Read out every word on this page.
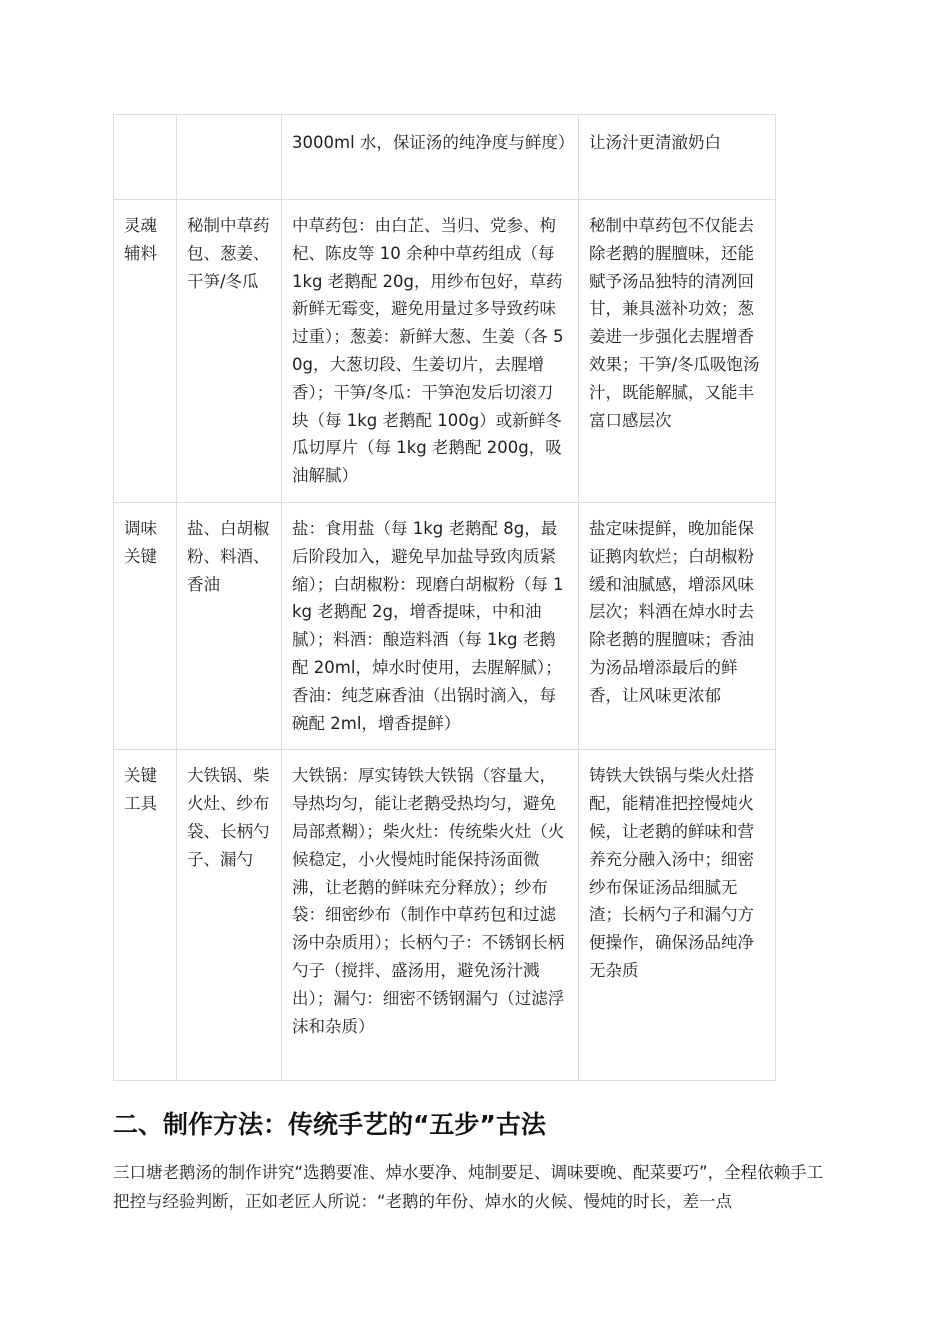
		3000ml 水，保证汤的纯净度与鲜度）	让汤汁更清澈奶白
灵魂辅料	秘制中草药包、葱姜、干笋/冬瓜	中草药包：由白芷、当归、党参、枸杞、陈皮等 10 余种中草药组成（每 1kg 老鹅配 20g，用纱布包好，草药新鲜无霉变，避免用量过多导致药味过重）；葱姜：新鲜大葱、生姜（各 50g，大葱切段、生姜切片，去腥增香）；干笋/冬瓜：干笋泡发后切滚刀块（每 1kg 老鹅配 100g）或新鲜冬瓜切厚片（每 1kg 老鹅配 200g，吸油解腻）	秘制中草药包不仅能去除老鹅的腥膻味，还能赋予汤品独特的清冽回甘，兼具滋补功效；葱姜进一步强化去腥增香效果；干笋/冬瓜吸饱汤汁，既能解腻，又能丰富口感层次
调味关键	盐、白胡椒粉、料酒、香油	盐：食用盐（每 1kg 老鹅配 8g，最后阶段加入，避免早加盐导致肉质紧缩）；白胡椒粉：现磨白胡椒粉（每 1kg 老鹅配 2g，增香提味，中和油腻）；料酒：酿造料酒（每 1kg 老鹅配 20ml，焯水时使用，去腥解腻）；香油：纯芝麻香油（出锅时滴入，每碗配 2ml，增香提鲜）	盐定味提鲜，晚加能保证鹅肉软烂；白胡椒粉缓和油腻感，增添风味层次；料酒在焯水时去除老鹅的腥膻味；香油为汤品增添最后的鲜香，让风味更浓郁
关键工具	大铁锅、柴火灶、纱布袋、长柄勺子、漏勺	大铁锅：厚实铸铁大铁锅（容量大，导热均匀，能让老鹅受热均匀，避免局部煮糊）；柴火灶：传统柴火灶（火候稳定，小火慢炖时能保持汤面微沸，让老鹅的鲜味充分释放）；纱布袋：细密纱布（制作中草药包和过滤汤中杂质用）；长柄勺子：不锈钢长柄勺子（搅拌、盛汤用，避免汤汁溅出）；漏勺：细密不锈钢漏勺（过滤浮沫和杂质）	铸铁大铁锅与柴火灶搭配，能精准把控慢炖火候，让老鹅的鲜味和营养充分融入汤中；细密纱布保证汤品细腻无渣；长柄勺子和漏勺方便操作，确保汤品纯净无杂质
二、制作方法：传统手艺的“五步”古法

三口塘老鹅汤的制作讲究“选鹅要准、焯水要净、炖制要足、调味要晚、配菜要巧”，全程依赖手工把控与经验判断，正如老匠人所说：“老鹅的年份、焯水的火候、慢炖的时长，差一点
